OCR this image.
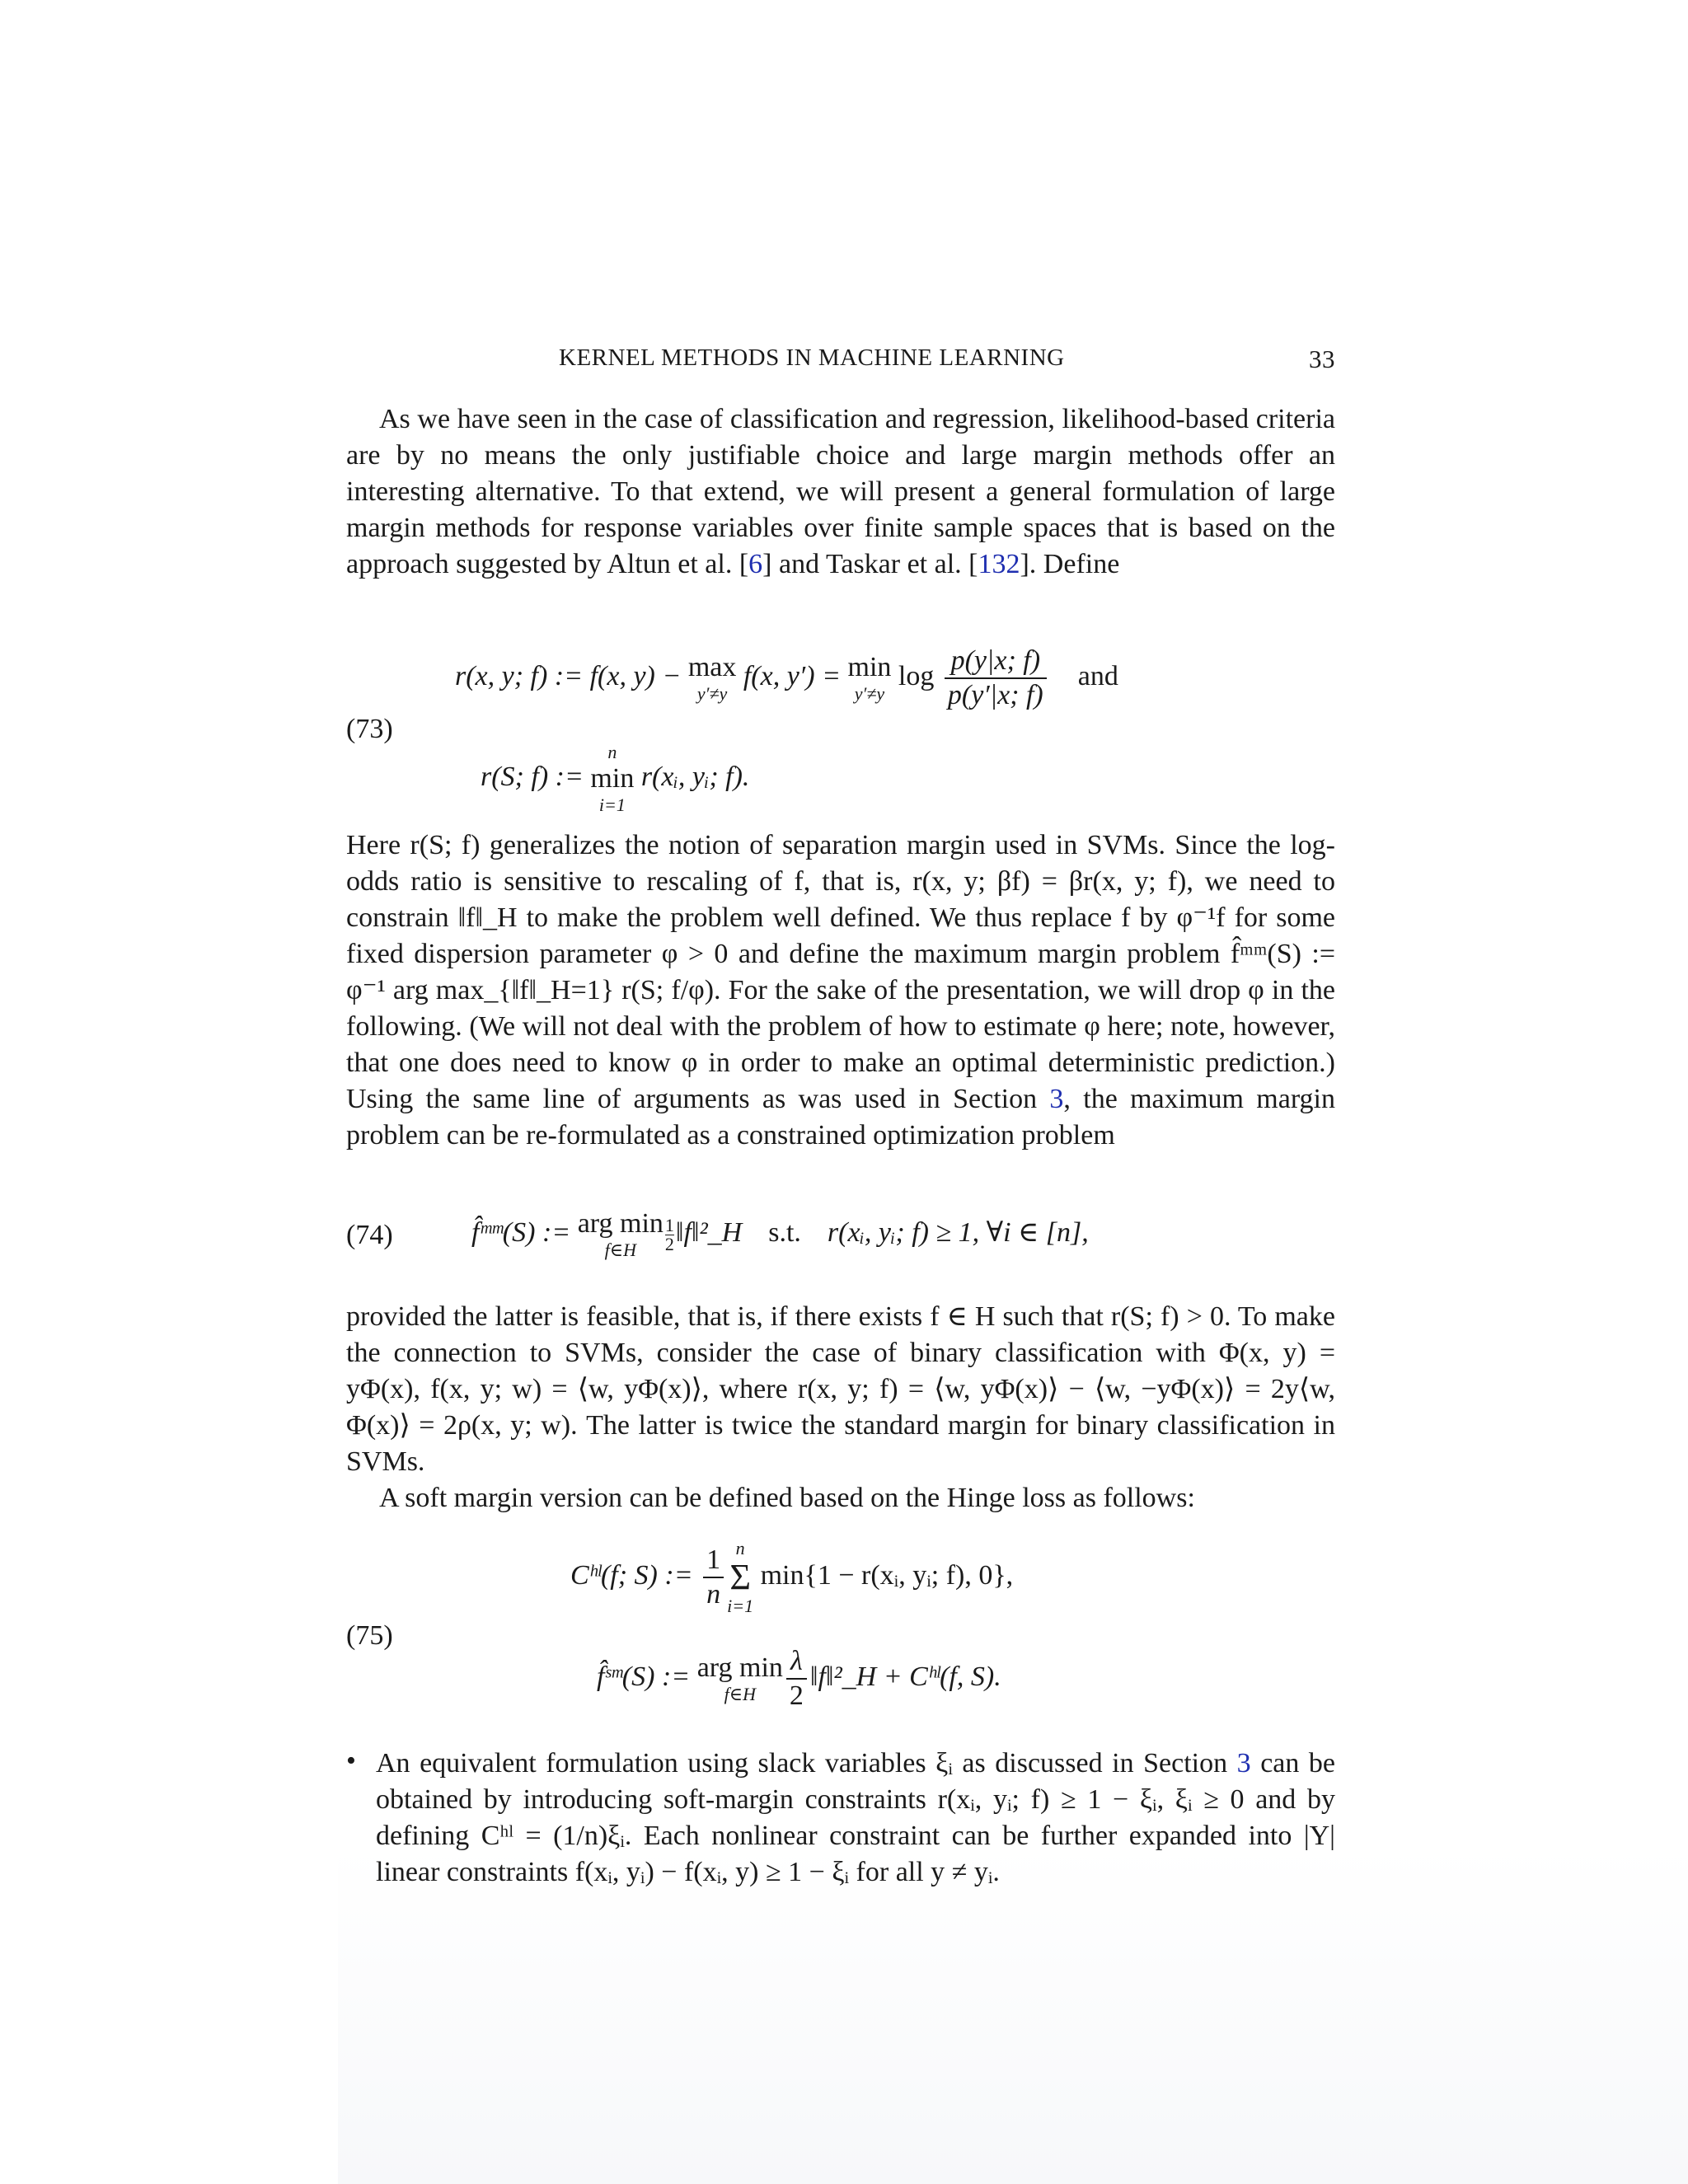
KERNEL METHODS IN MACHINE LEARNING	33

As we have seen in the case of classification and regression, likelihood-based criteria are by no means the only justifiable choice and large margin methods offer an interesting alternative. To that extend, we will present a general formulation of large margin methods for response variables over finite sample spaces that is based on the approach suggested by Altun et al. [6] and Taskar et al. [132]. Define

(73)
r(x, y; f) := f(x, y) − max
y′≠y
f(x, y′) = min
y′≠y
$\log \frac{p(y|x; f)}{p(y'|x; f)}$ and
r(S; f) :=
n
min
i=1
r(xᵢ, yᵢ; f).

Here r(S; f) generalizes the notion of separation margin used in SVMs. Since the log-odds ratio is sensitive to rescaling of f, that is, r(x, y; βf) = βr(x, y; f), we need to constrain ‖f‖_H to make the problem well defined. We thus replace f by φ⁻¹f for some fixed dispersion parameter φ > 0 and define the maximum margin problem f̂ᵐᵐ(S) := φ⁻¹ arg max_{‖f‖_H=1} r(S; f/φ). For the sake of the presentation, we will drop φ in the following. (We will not deal with the problem of how to estimate φ here; note, however, that one does need to know φ in order to make an optimal deterministic prediction.) Using the same line of arguments as was used in Section 3, the maximum margin problem can be re-formulated as a constrained optimization problem

(74)	f̂ᵐᵐ(S) := arg min
f∈H	$\frac{1}{2}‖f‖^2\_H$ s.t. r(xᵢ, yᵢ; f) ≥ 1, ∀i ∈ [n],

provided the latter is feasible, that is, if there exists f ∈ H such that r(S; f) > 0. To make the connection to SVMs, consider the case of binary classification with Φ(x, y) = yΦ(x), f(x, y; w) = ⟨w, yΦ(x)⟩, where r(x, y; f) = ⟨w, yΦ(x)⟩ − ⟨w, −yΦ(x)⟩ = 2y⟨w, Φ(x)⟩ = 2ρ(x, y; w). The latter is twice the standard margin for binary classification in SVMs.

A soft margin version can be defined based on the Hinge loss as follows:

(75)
Cʰˡ(f; S) := $\frac{1}{n}$ n
Σ
i=1
min{1 − r(xᵢ, yᵢ; f), 0},
f̂ˢᵐ(S) := arg min
f∈H	$\frac{\lambda}{2}$ ‖f‖²_H + Cʰˡ(f, S).
• An equivalent formulation using slack variables ξᵢ as discussed in Section 3 can be obtained by introducing soft-margin constraints r(xᵢ, yᵢ; f) ≥ 1 − ξᵢ, ξᵢ ≥ 0 and by defining Cʰˡ = (1/n)ξᵢ. Each nonlinear constraint can be further expanded into |Y| linear constraints f(xᵢ, yᵢ) − f(xᵢ, y) ≥ 1 − ξᵢ for all y ≠ yᵢ.
